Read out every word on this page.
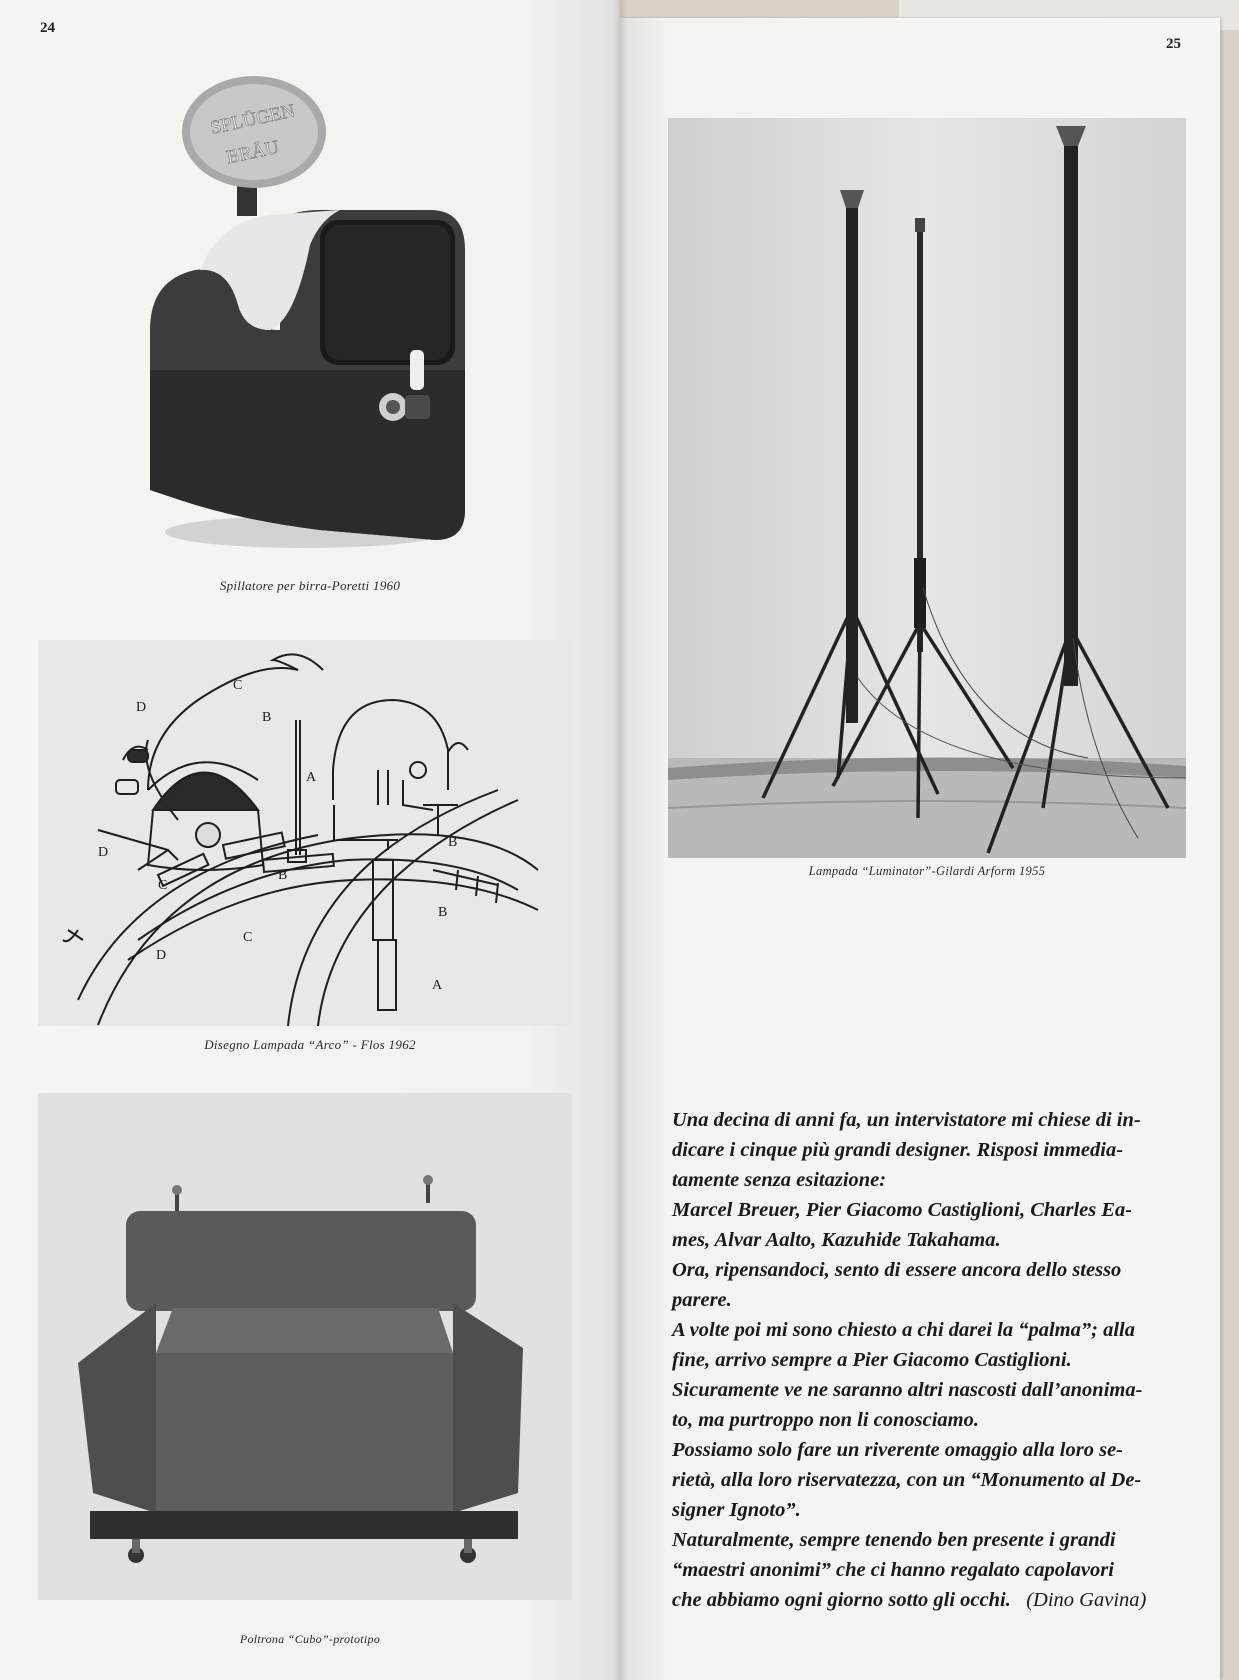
24
25
SPLÜGEN
BRÄU
Spillatore per birra-Poretti 1960
B
A
C
D
B
B
A
B
C
D
C
D
Disegno Lampada “Arco” - Flos 1962
Poltrona “Cubo”-prototipo
Lampada “Luminator”-Gilardi Arform 1955

Una decina di anni fa, un intervistatore mi chiese di in-

dicare i cinque più grandi designer. Risposi immedia-

tamente senza esitazione:

Marcel Breuer, Pier Giacomo Castiglioni, Charles Ea-

mes, Alvar Aalto, Kazuhide Takahama.

Ora, ripensandoci, sento di essere ancora dello stesso

parere.

A volte poi mi sono chiesto a chi darei la “palma”; alla

fine, arrivo sempre a Pier Giacomo Castiglioni.

Sicuramente ve ne saranno altri nascosti dall’anonima-

to, ma purtroppo non li conosciamo.

Possiamo solo fare un riverente omaggio alla loro se-

rietà, alla loro riservatezza, con un “Monumento al De-

signer Ignoto”.

Naturalmente, sempre tenendo ben presente i grandi

“maestri anonimi” che ci hanno regalato capolavori

che abbiamo ogni giorno sotto gli occhi. (Dino Gavina)
